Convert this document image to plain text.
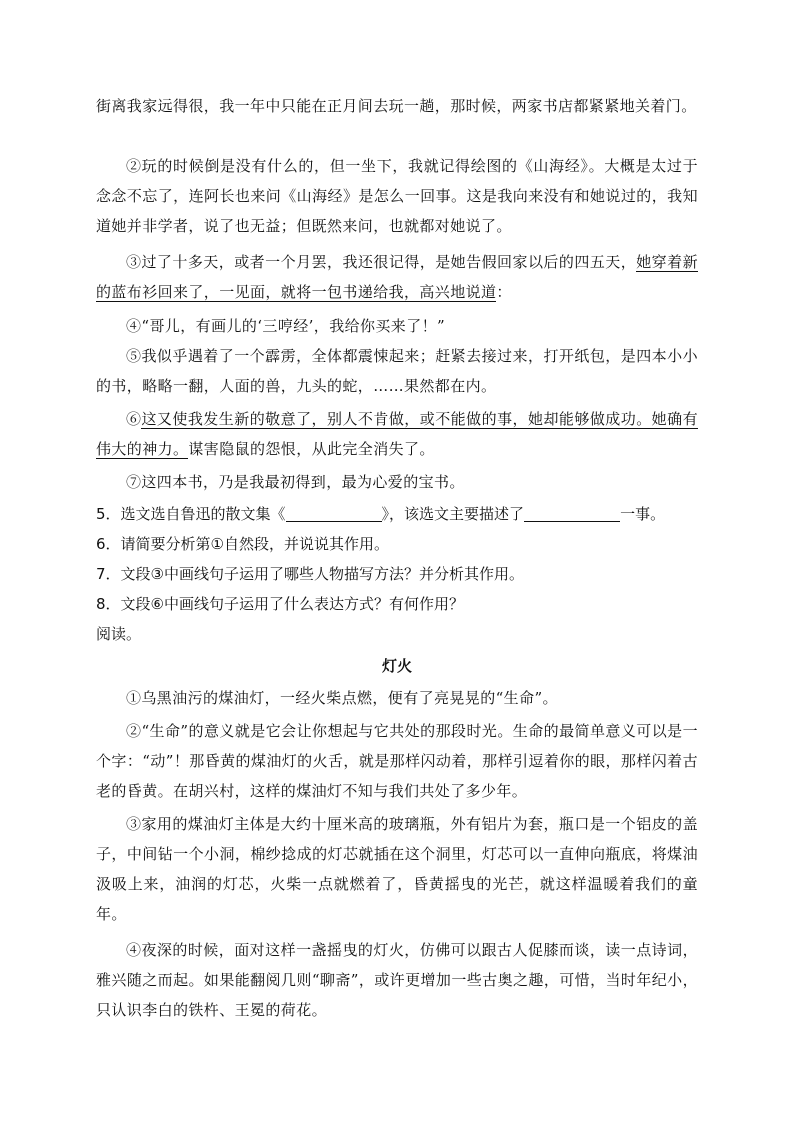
街离我家远得很，我一年中只能在正月间去玩一趟，那时候，两家书店都紧紧地关着门。

②玩的时候倒是没有什么的，但一坐下，我就记得绘图的《山海经》。大概是太过于念念不忘了，连阿长也来问《山海经》是怎么一回事。这是我向来没有和她说过的，我知道她并非学者，说了也无益；但既然来问，也就都对她说了。

③过了十多天，或者一个月罢，我还很记得，是她告假回家以后的四五天，她穿着新的蓝布衫回来了，一见面，就将一包书递给我，高兴地说道：

④“哥儿，有画儿的‘三哼经’，我给你买来了！”

⑤我似乎遇着了一个霹雳，全体都震悚起来；赶紧去接过来，打开纸包，是四本小小的书，略略一翻，人面的兽，九头的蛇，……果然都在内。

⑥这又使我发生新的敬意了，别人不肯做，或不能做的事，她却能够做成功。她确有伟大的神力。谋害隐鼠的怨恨，从此完全消失了。

⑦这四本书，乃是我最初得到，最为心爱的宝书。

5．选文选自鲁迅的散文集《	》，该选文主要描述了	一事。

6．请简要分析第①自然段，并说说其作用。

7．文段③中画线句子运用了哪些人物描写方法？并分析其作用。

8．文段⑥中画线句子运用了什么表达方式？有何作用？

阅读。

灯火

①乌黑油污的煤油灯，一经火柴点燃，便有了亮晃晃的“生命”。

②“生命”的意义就是它会让你想起与它共处的那段时光。生命的最简单意义可以是一个字：“动”！那昏黄的煤油灯的火舌，就是那样闪动着，那样引逗着你的眼，那样闪着古老的昏黄。在胡兴村，这样的煤油灯不知与我们共处了多少年。

③家用的煤油灯主体是大约十厘米高的玻璃瓶，外有铝片为套，瓶口是一个铝皮的盖子，中间钻一个小洞，棉纱捻成的灯芯就插在这个洞里，灯芯可以一直伸向瓶底，将煤油汲吸上来，油润的灯芯，火柴一点就燃着了，昏黄摇曳的光芒，就这样温暖着我们的童年。

④夜深的时候，面对这样一盏摇曳的灯火，仿佛可以跟古人促膝而谈，读一点诗词，雅兴随之而起。如果能翻阅几则“聊斋”，或许更增加一些古奥之趣，可惜，当时年纪小，只认识李白的铁杵、王冕的荷花。
